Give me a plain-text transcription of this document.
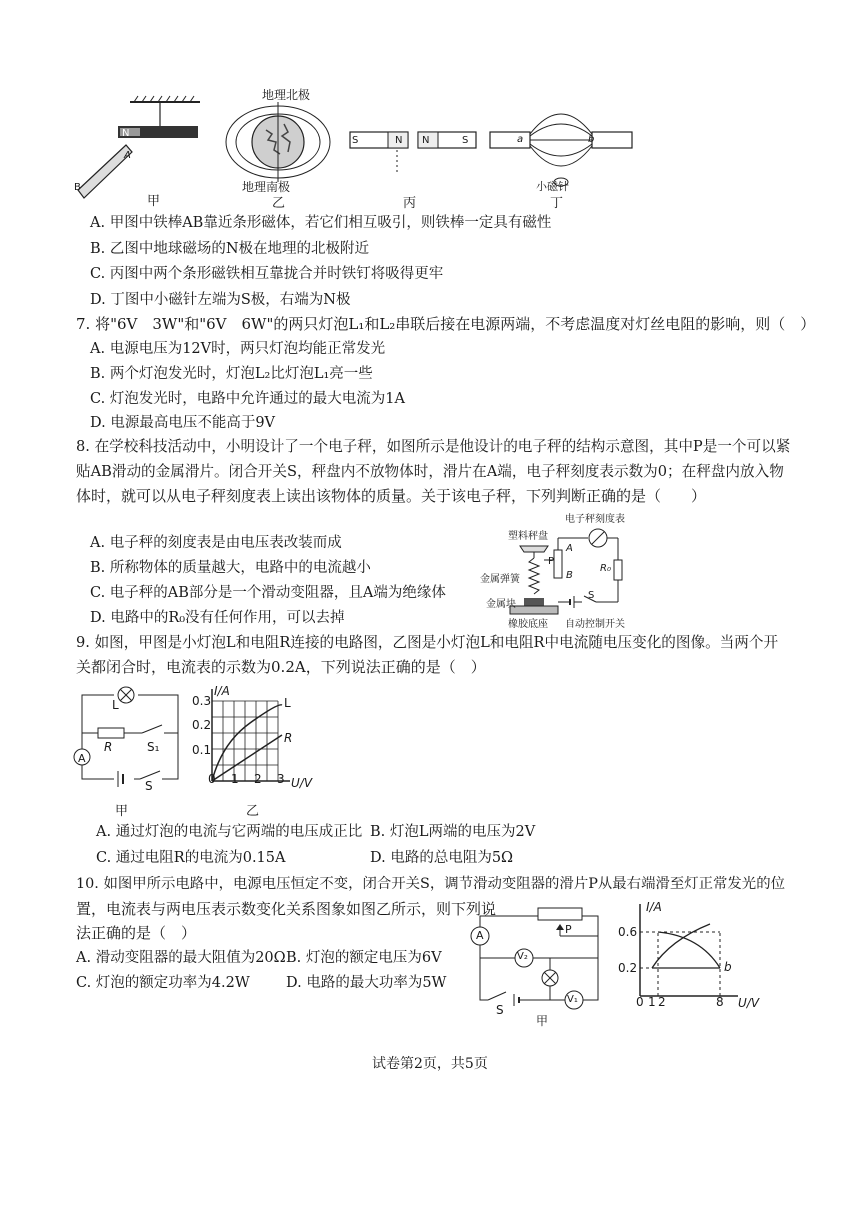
地理北极
地理南极
A
B
N
S	N N	S	a	b
小磁针
甲	乙	丙	丁
A. 甲图中铁棒AB靠近条形磁体，若它们相互吸引，则铁棒一定具有磁性
B. 乙图中地球磁场的N极在地理的北极附近
C. 丙图中两个条形磁铁相互靠拢合并时铁钉将吸得更牢
D. 丁图中小磁针左端为S极，右端为N极
7. 将"6V　3W"和"6V　6W"的两只灯泡L₁和L₂串联后接在电源两端，不考虑温度对灯丝电阻的影响，则（　）
A. 电源电压为12V时，两只灯泡均能正常发光
B. 两个灯泡发光时，灯泡L₂比灯泡L₁亮一些
C. 灯泡发光时，电路中允许通过的最大电流为1A
D. 电源最高电压不能高于9V
8. 在学校科技活动中，小明设计了一个电子秤，如图所示是他设计的电子秤的结构示意图，其中P是一个可以紧
贴AB滑动的金属滑片。闭合开关S，秤盘内不放物体时，滑片在A端，电子秤刻度表示数为0；在秤盘内放入物
体时，就可以从电子秤刻度表上读出该物体的质量。关于该电子秤，下列判断正确的是（　　）
A. 电子秤的刻度表是由电压表改装而成
B. 所称物体的质量越大，电路中的电流越小
C. 电子秤的AB部分是一个滑动变阻器，且A端为绝缘体
D. 电路中的R₀没有任何作用，可以去掉
电子秤刻度表
塑料秤盘
金属弹簧
金属块
橡胶底座 自动控制开关
P
A
B
R₀
S
9. 如图，甲图是小灯泡L和电阻R连接的电路图，乙图是小灯泡L和电阻R中电流随电压变化的图像。当两个开
关都闭合时，电流表的示数为0.2A，下列说法正确的是（　）
L
R	S₁
A
S
甲
I/A
0.3
0.2
0.1
0 1 2 3 U/V
L
R
乙
A. 通过灯泡的电流与它两端的电压成正比 B. 灯泡L两端的电压为2V
C. 通过电阻R的电流为0.15A	D. 电路的总电阻为5Ω
10. 如图甲所示电路中，电源电压恒定不变，闭合开关S，调节滑动变阻器的滑片P从最右端滑至灯正常发光的位
置，电流表与两电压表示数变化关系图象如图乙所示，则下列说
法正确的是（　）
A. 滑动变阻器的最大阻值为20Ω B. 灯泡的额定电压为6V
C. 灯泡的额定功率为4.2W D. 电路的最大功率为5W
A
V₂
V₁
P
S
甲
I/A
0.6
0.2
0 1 2	8 U/V
b
试卷第2页，共5页
